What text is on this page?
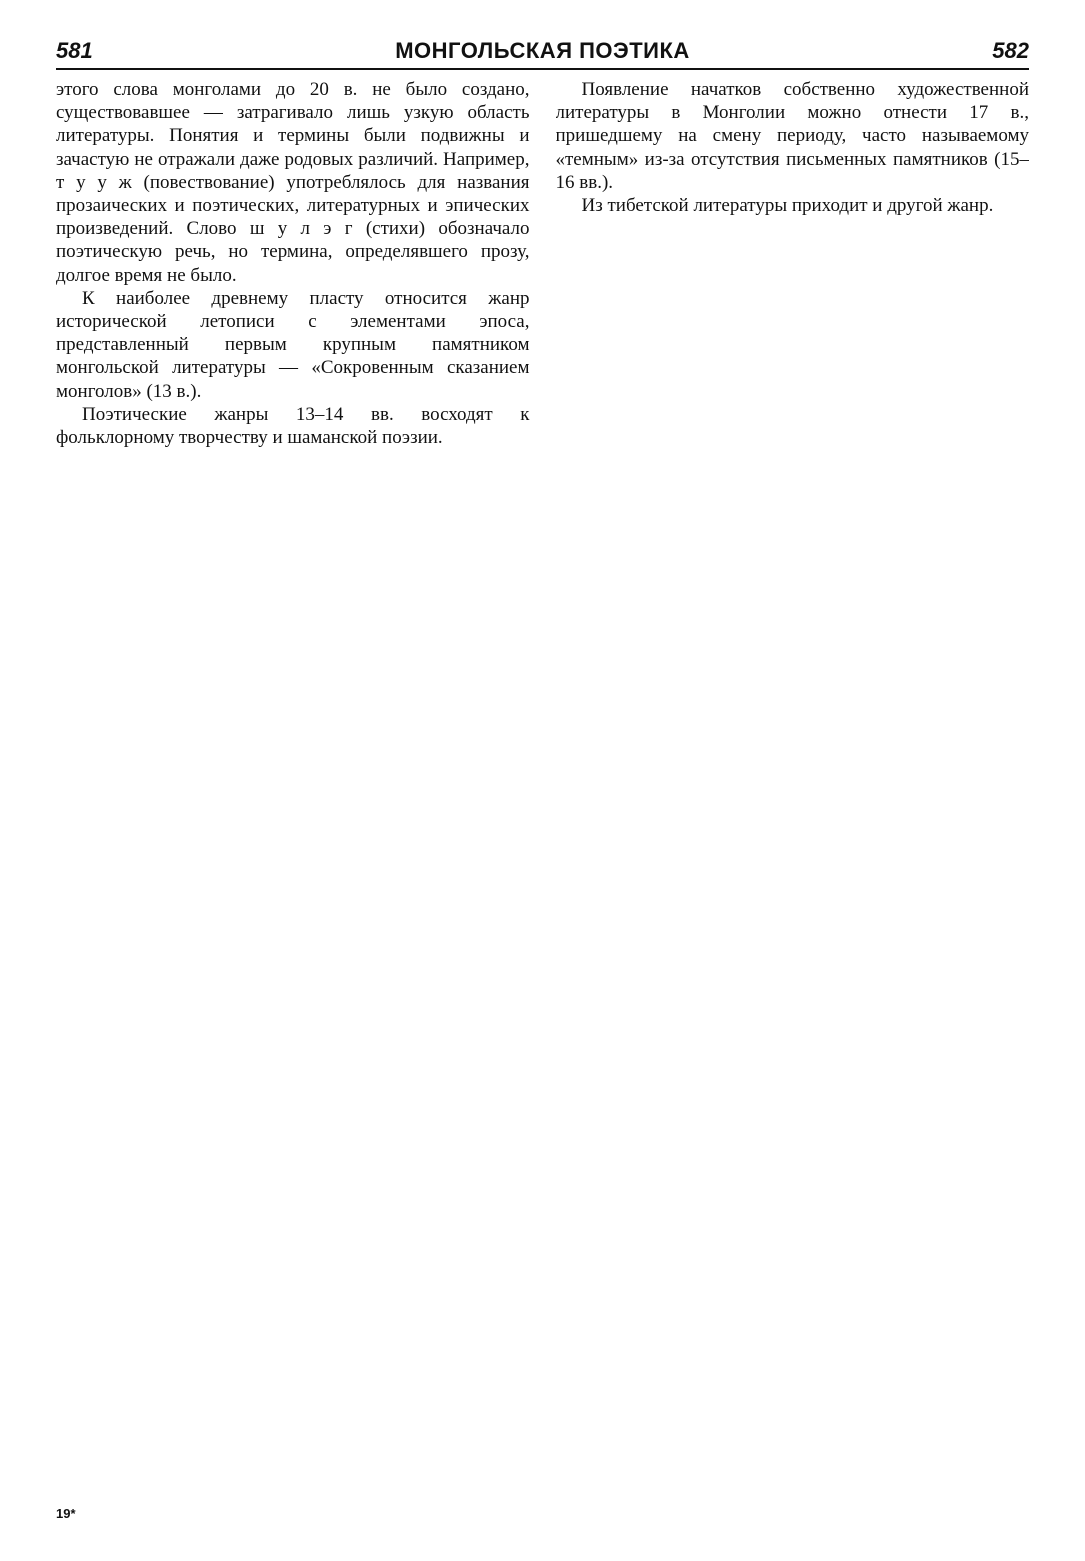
581	МОНГОЛЬСКАЯ ПОЭТИКА	582

этого слова монголами до 20 в. не было создано, существовавшее — затрагивало лишь узкую область литературы. Понятия и термины были подвижны и зачастую не отражали даже родовых различий. Например, т у у ж (повествование) употреблялось для названия прозаических и поэтических, литературных и эпических произведений. Слово ш у л э г (стихи) обозначало поэтическую речь, но термина, определявшего прозу, долгое время не было.

К наиболее древнему пласту относится жанр исторической летописи с элементами эпоса, представленный первым крупным памятником монгольской литературы — «Сокровенным сказанием монголов» (13 в.).

Поэтические жанры 13–14 вв. восходят к фольклорному творчеству и шаманской поэзии.

Появление начатков собственно художественной литературы в Монголии можно отнести 17 в., пришедшему на смену периоду, часто называемому «темным» из-за отсутствия письменных памятников (15–16 вв.).

Из тибетской литературы приходит и другой жанр.

19*
